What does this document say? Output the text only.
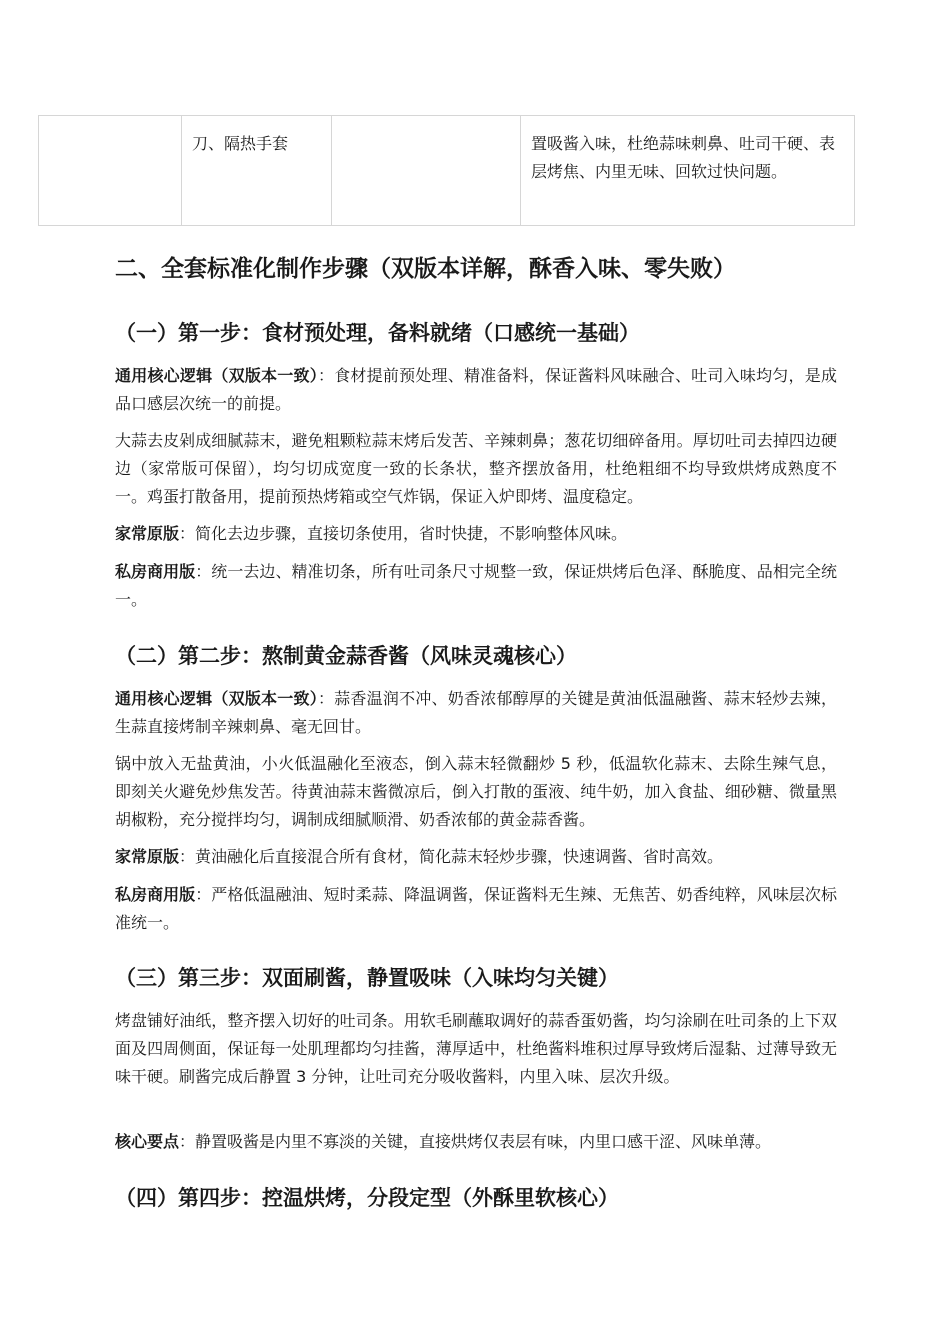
	刀、隔热手套		置吸酱入味，杜绝蒜味刺鼻、吐司干硬、表层烤焦、内里无味、回软过快问题。
二、全套标准化制作步骤（双版本详解，酥香入味、零失败）
（一）第一步：食材预处理，备料就绪（口感统一基础）

通用核心逻辑（双版本一致）：食材提前预处理、精准备料，保证酱料风味融合、吐司入味均匀，是成品口感层次统一的前提。

大蒜去皮剁成细腻蒜末，避免粗颗粒蒜末烤后发苦、辛辣刺鼻；葱花切细碎备用。厚切吐司去掉四边硬边（家常版可保留），均匀切成宽度一致的长条状，整齐摆放备用，杜绝粗细不均导致烘烤成熟度不一。鸡蛋打散备用，提前预热烤箱或空气炸锅，保证入炉即烤、温度稳定。

家常原版：简化去边步骤，直接切条使用，省时快捷，不影响整体风味。

私房商用版：统一去边、精准切条，所有吐司条尺寸规整一致，保证烘烤后色泽、酥脆度、品相完全统一。

（二）第二步：熬制黄金蒜香酱（风味灵魂核心）

通用核心逻辑（双版本一致）：蒜香温润不冲、奶香浓郁醇厚的关键是黄油低温融酱、蒜末轻炒去辣，生蒜直接烤制辛辣刺鼻、毫无回甘。

锅中放入无盐黄油，小火低温融化至液态，倒入蒜末轻微翻炒 5 秒，低温软化蒜末、去除生辣气息，即刻关火避免炒焦发苦。待黄油蒜末酱微凉后，倒入打散的蛋液、纯牛奶，加入食盐、细砂糖、微量黑胡椒粉，充分搅拌均匀，调制成细腻顺滑、奶香浓郁的黄金蒜香酱。

家常原版：黄油融化后直接混合所有食材，简化蒜末轻炒步骤，快速调酱、省时高效。

私房商用版：严格低温融油、短时柔蒜、降温调酱，保证酱料无生辣、无焦苦、奶香纯粹，风味层次标准统一。

（三）第三步：双面刷酱，静置吸味（入味均匀关键）

烤盘铺好油纸，整齐摆入切好的吐司条。用软毛刷蘸取调好的蒜香蛋奶酱，均匀涂刷在吐司条的上下双面及四周侧面，保证每一处肌理都均匀挂酱，薄厚适中，杜绝酱料堆积过厚导致烤后湿黏、过薄导致无味干硬。刷酱完成后静置 3 分钟，让吐司充分吸收酱料，内里入味、层次升级。

核心要点：静置吸酱是内里不寡淡的关键，直接烘烤仅表层有味，内里口感干涩、风味单薄。

（四）第四步：控温烘烤，分段定型（外酥里软核心）
